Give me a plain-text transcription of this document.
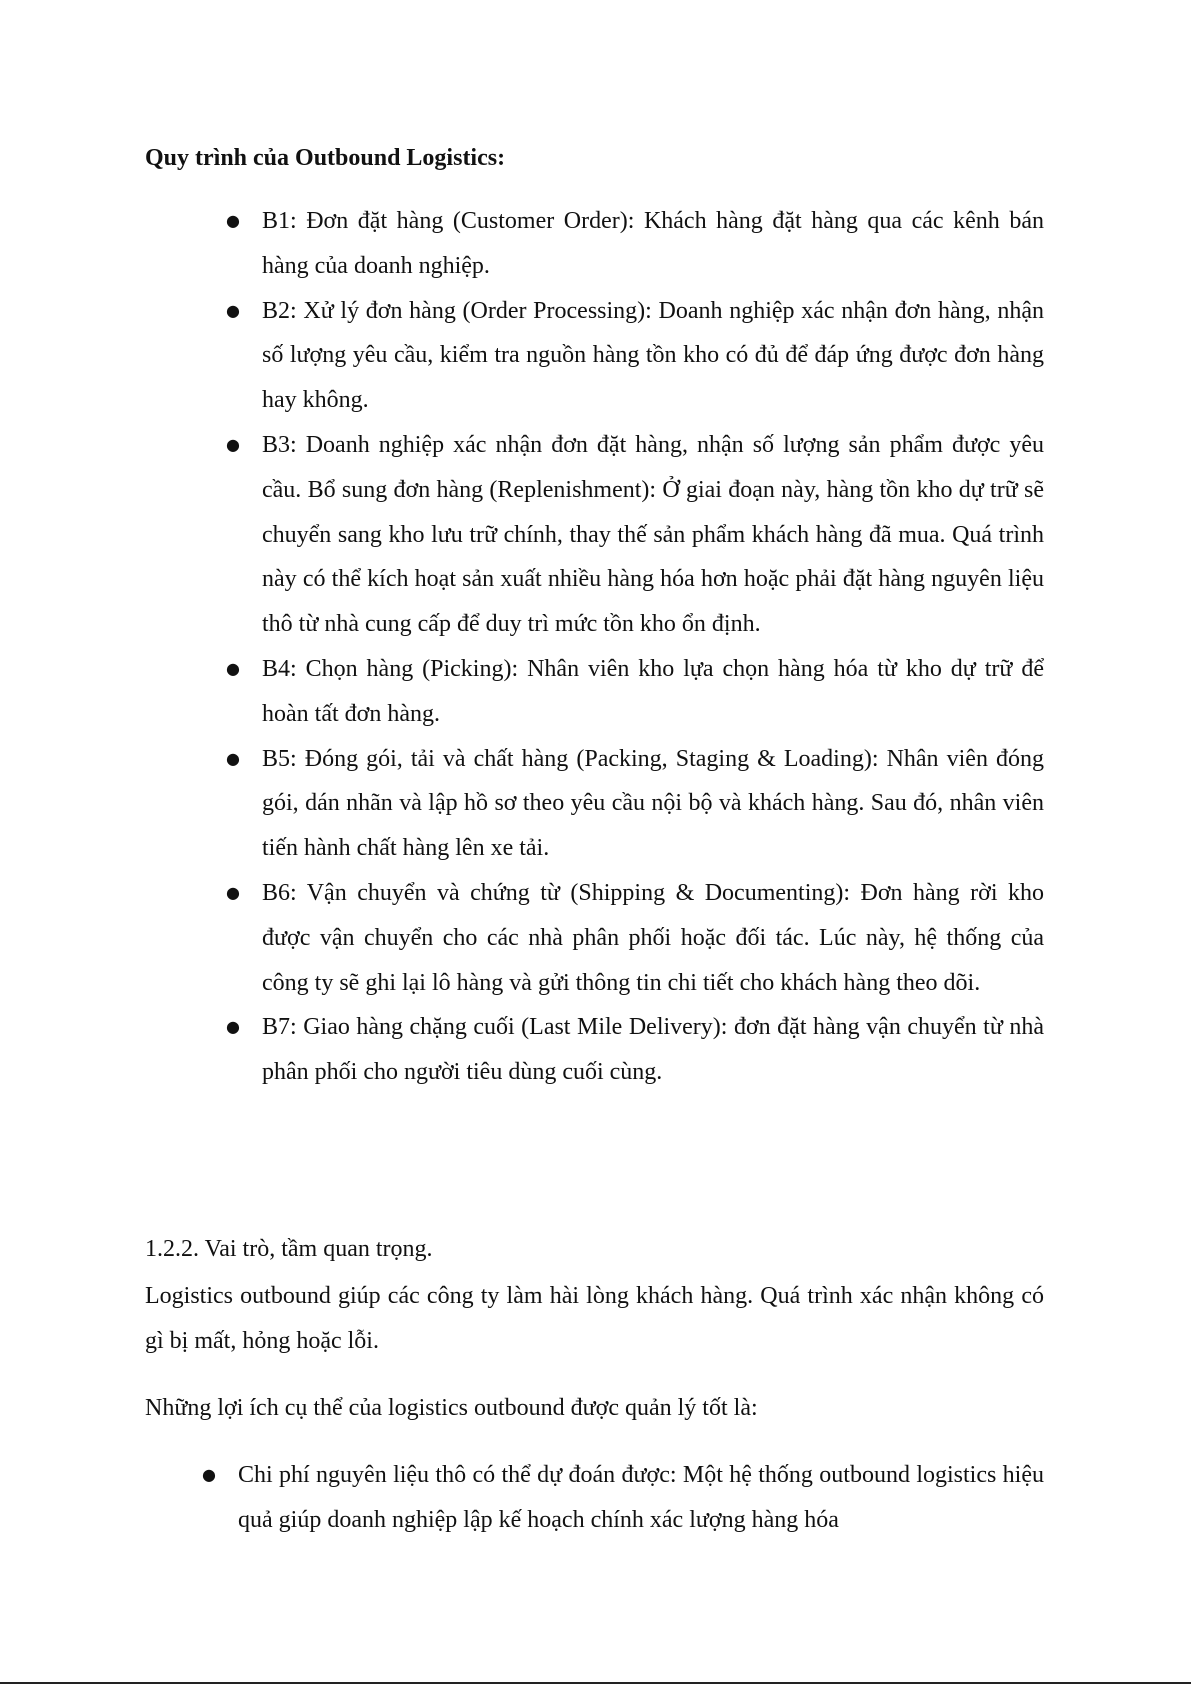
Quy trình của Outbound Logistics:

● B1: Đơn đặt hàng (Customer Order): Khách hàng đặt hàng qua các kênh bán hàng của doanh nghiệp.
● B2: Xử lý đơn hàng (Order Processing): Doanh nghiệp xác nhận đơn hàng, nhận số lượng yêu cầu, kiểm tra nguồn hàng tồn kho có đủ để đáp ứng được đơn hàng hay không.
● B3: Doanh nghiệp xác nhận đơn đặt hàng, nhận số lượng sản phẩm được yêu cầu. Bổ sung đơn hàng (Replenishment): Ở giai đoạn này, hàng tồn kho dự trữ sẽ chuyển sang kho lưu trữ chính, thay thế sản phẩm khách hàng đã mua. Quá trình này có thể kích hoạt sản xuất nhiều hàng hóa hơn hoặc phải đặt hàng nguyên liệu thô từ nhà cung cấp để duy trì mức tồn kho ổn định.
● B4: Chọn hàng (Picking): Nhân viên kho lựa chọn hàng hóa từ kho dự trữ để hoàn tất đơn hàng.
● B5: Đóng gói, tải và chất hàng (Packing, Staging & Loading): Nhân viên đóng gói, dán nhãn và lập hồ sơ theo yêu cầu nội bộ và khách hàng. Sau đó, nhân viên tiến hành chất hàng lên xe tải.
● B6: Vận chuyển và chứng từ (Shipping & Documenting): Đơn hàng rời kho được vận chuyển cho các nhà phân phối hoặc đối tác. Lúc này, hệ thống của công ty sẽ ghi lại lô hàng và gửi thông tin chi tiết cho khách hàng theo dõi.
● B7: Giao hàng chặng cuối (Last Mile Delivery): đơn đặt hàng vận chuyển từ nhà phân phối cho người tiêu dùng cuối cùng.

1.2.2. Vai trò, tầm quan trọng.

Logistics outbound giúp các công ty làm hài lòng khách hàng. Quá trình xác nhận không có gì bị mất, hỏng hoặc lỗi.

Những lợi ích cụ thể của logistics outbound được quản lý tốt là:

● Chi phí nguyên liệu thô có thể dự đoán được: Một hệ thống outbound logistics hiệu quả giúp doanh nghiệp lập kế hoạch chính xác lượng hàng hóa
